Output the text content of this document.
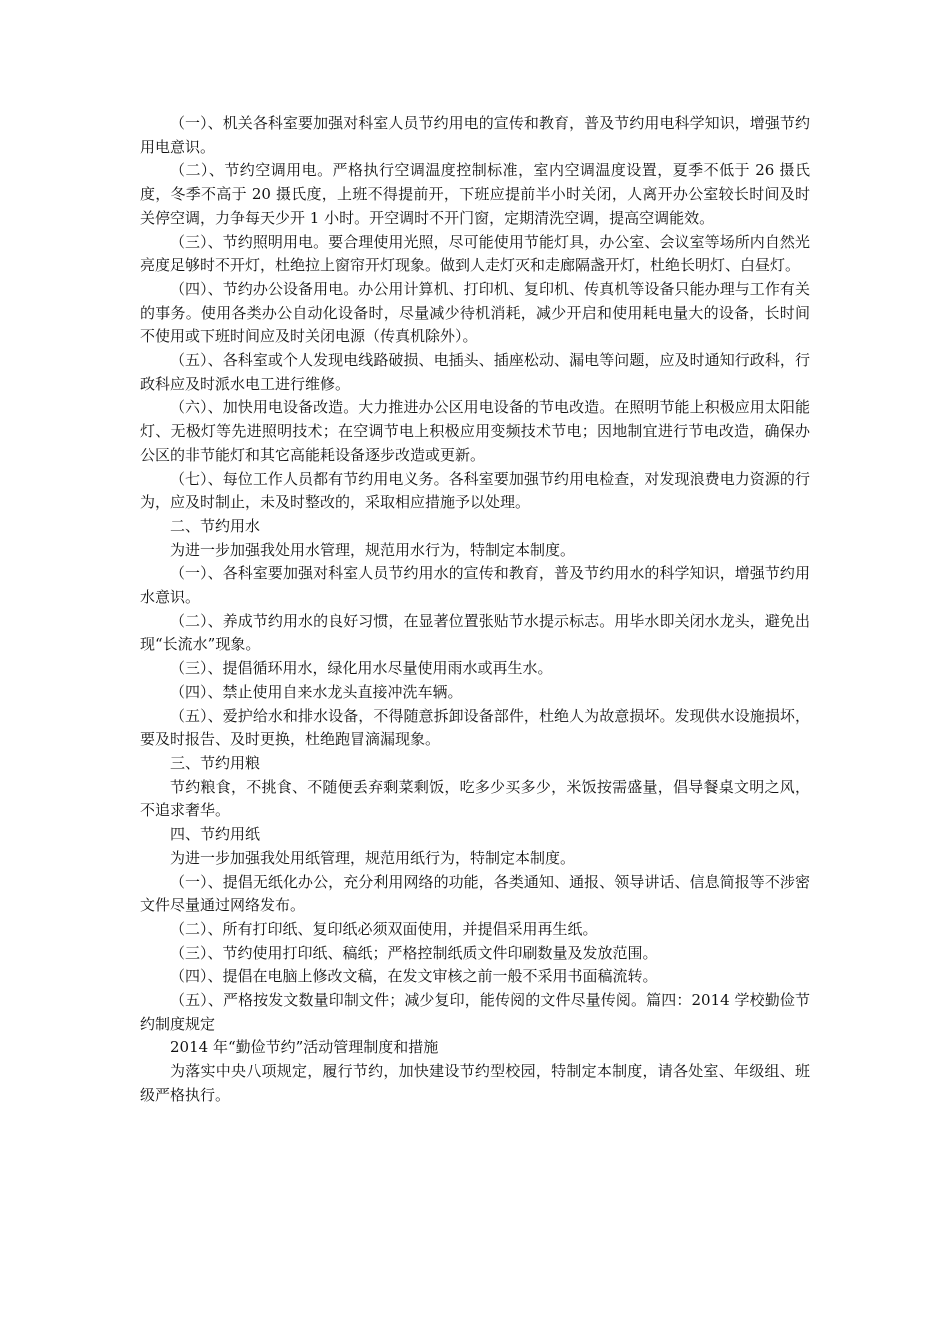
（一）、机关各科室要加强对科室人员节约用电的宣传和教育，普及节约用电科学知识，增强节约用电意识。

（二）、节约空调用电。严格执行空调温度控制标准，室内空调温度设置，夏季不低于 26 摄氏度，冬季不高于 20 摄氏度，上班不得提前开，下班应提前半小时关闭，人离开办公室较长时间及时关停空调，力争每天少开 1 小时。开空调时不开门窗，定期清洗空调，提高空调能效。

（三）、节约照明用电。要合理使用光照，尽可能使用节能灯具，办公室、会议室等场所内自然光亮度足够时不开灯，杜绝拉上窗帘开灯现象。做到人走灯灭和走廊隔盏开灯，杜绝长明灯、白昼灯。

（四）、节约办公设备用电。办公用计算机、打印机、复印机、传真机等设备只能办理与工作有关的事务。使用各类办公自动化设备时，尽量减少待机消耗，减少开启和使用耗电量大的设备，长时间不使用或下班时间应及时关闭电源（传真机除外）。

（五）、各科室或个人发现电线路破损、电插头、插座松动、漏电等问题，应及时通知行政科，行政科应及时派水电工进行维修。

（六）、加快用电设备改造。大力推进办公区用电设备的节电改造。在照明节能上积极应用太阳能灯、无极灯等先进照明技术；在空调节电上积极应用变频技术节电；因地制宜进行节电改造，确保办公区的非节能灯和其它高能耗设备逐步改造或更新。

（七）、每位工作人员都有节约用电义务。各科室要加强节约用电检查，对发现浪费电力资源的行为，应及时制止，未及时整改的，采取相应措施予以处理。

二、节约用水

为进一步加强我处用水管理，规范用水行为，特制定本制度。

（一）、各科室要加强对科室人员节约用水的宣传和教育，普及节约用水的科学知识，增强节约用水意识。

（二）、养成节约用水的良好习惯，在显著位置张贴节水提示标志。用毕水即关闭水龙头，避免出现“长流水”现象。

（三）、提倡循环用水，绿化用水尽量使用雨水或再生水。

（四）、禁止使用自来水龙头直接冲洗车辆。

（五）、爱护给水和排水设备，不得随意拆卸设备部件，杜绝人为故意损坏。发现供水设施损坏，要及时报告、及时更换，杜绝跑冒滴漏现象。

三、节约用粮

节约粮食，不挑食、不随便丢弃剩菜剩饭，吃多少买多少，米饭按需盛量，倡导餐桌文明之风，不追求奢华。

四、节约用纸

为进一步加强我处用纸管理，规范用纸行为，特制定本制度。

（一）、提倡无纸化办公，充分利用网络的功能，各类通知、通报、领导讲话、信息简报等不涉密文件尽量通过网络发布。

（二）、所有打印纸、复印纸必须双面使用，并提倡采用再生纸。

（三）、节约使用打印纸、稿纸；严格控制纸质文件印刷数量及发放范围。

（四）、提倡在电脑上修改文稿，在发文审核之前一般不采用书面稿流转。

（五）、严格按发文数量印制文件；减少复印，能传阅的文件尽量传阅。篇四：2014 学校勤俭节约制度规定

2014 年“勤俭节约”活动管理制度和措施

为落实中央八项规定，履行节约，加快建设节约型校园，特制定本制度，请各处室、年级组、班级严格执行。
